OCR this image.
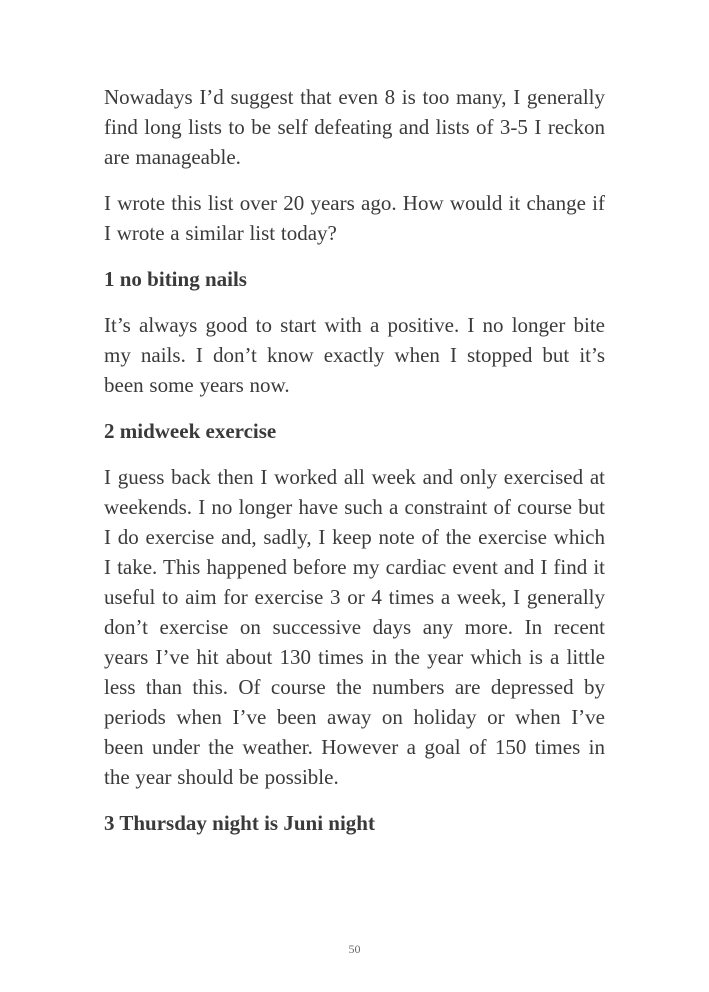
Nowadays I’d suggest that even 8 is too many, I generally find long lists to be self defeating and lists of 3-5 I reckon are manageable.

I wrote this list over 20 years ago. How would it change if I wrote a similar list today?

1 no biting nails

It’s always good to start with a positive. I no longer bite my nails. I don’t know exactly when I stopped but it’s been some years now.

2 midweek exercise

I guess back then I worked all week and only exercised at weekends. I no longer have such a constraint of course but I do exercise and, sadly, I keep note of the exercise which I take. This happened before my cardiac event and I find it useful to aim for exercise 3 or 4 times a week, I generally don’t exercise on successive days any more. In recent years I’ve hit about 130 times in the year which is a little less than this. Of course the numbers are depressed by periods when I’ve been away on holiday or when I’ve been under the weather. However a goal of 150 times in the year should be possible.

3 Thursday night is Juni night
50
